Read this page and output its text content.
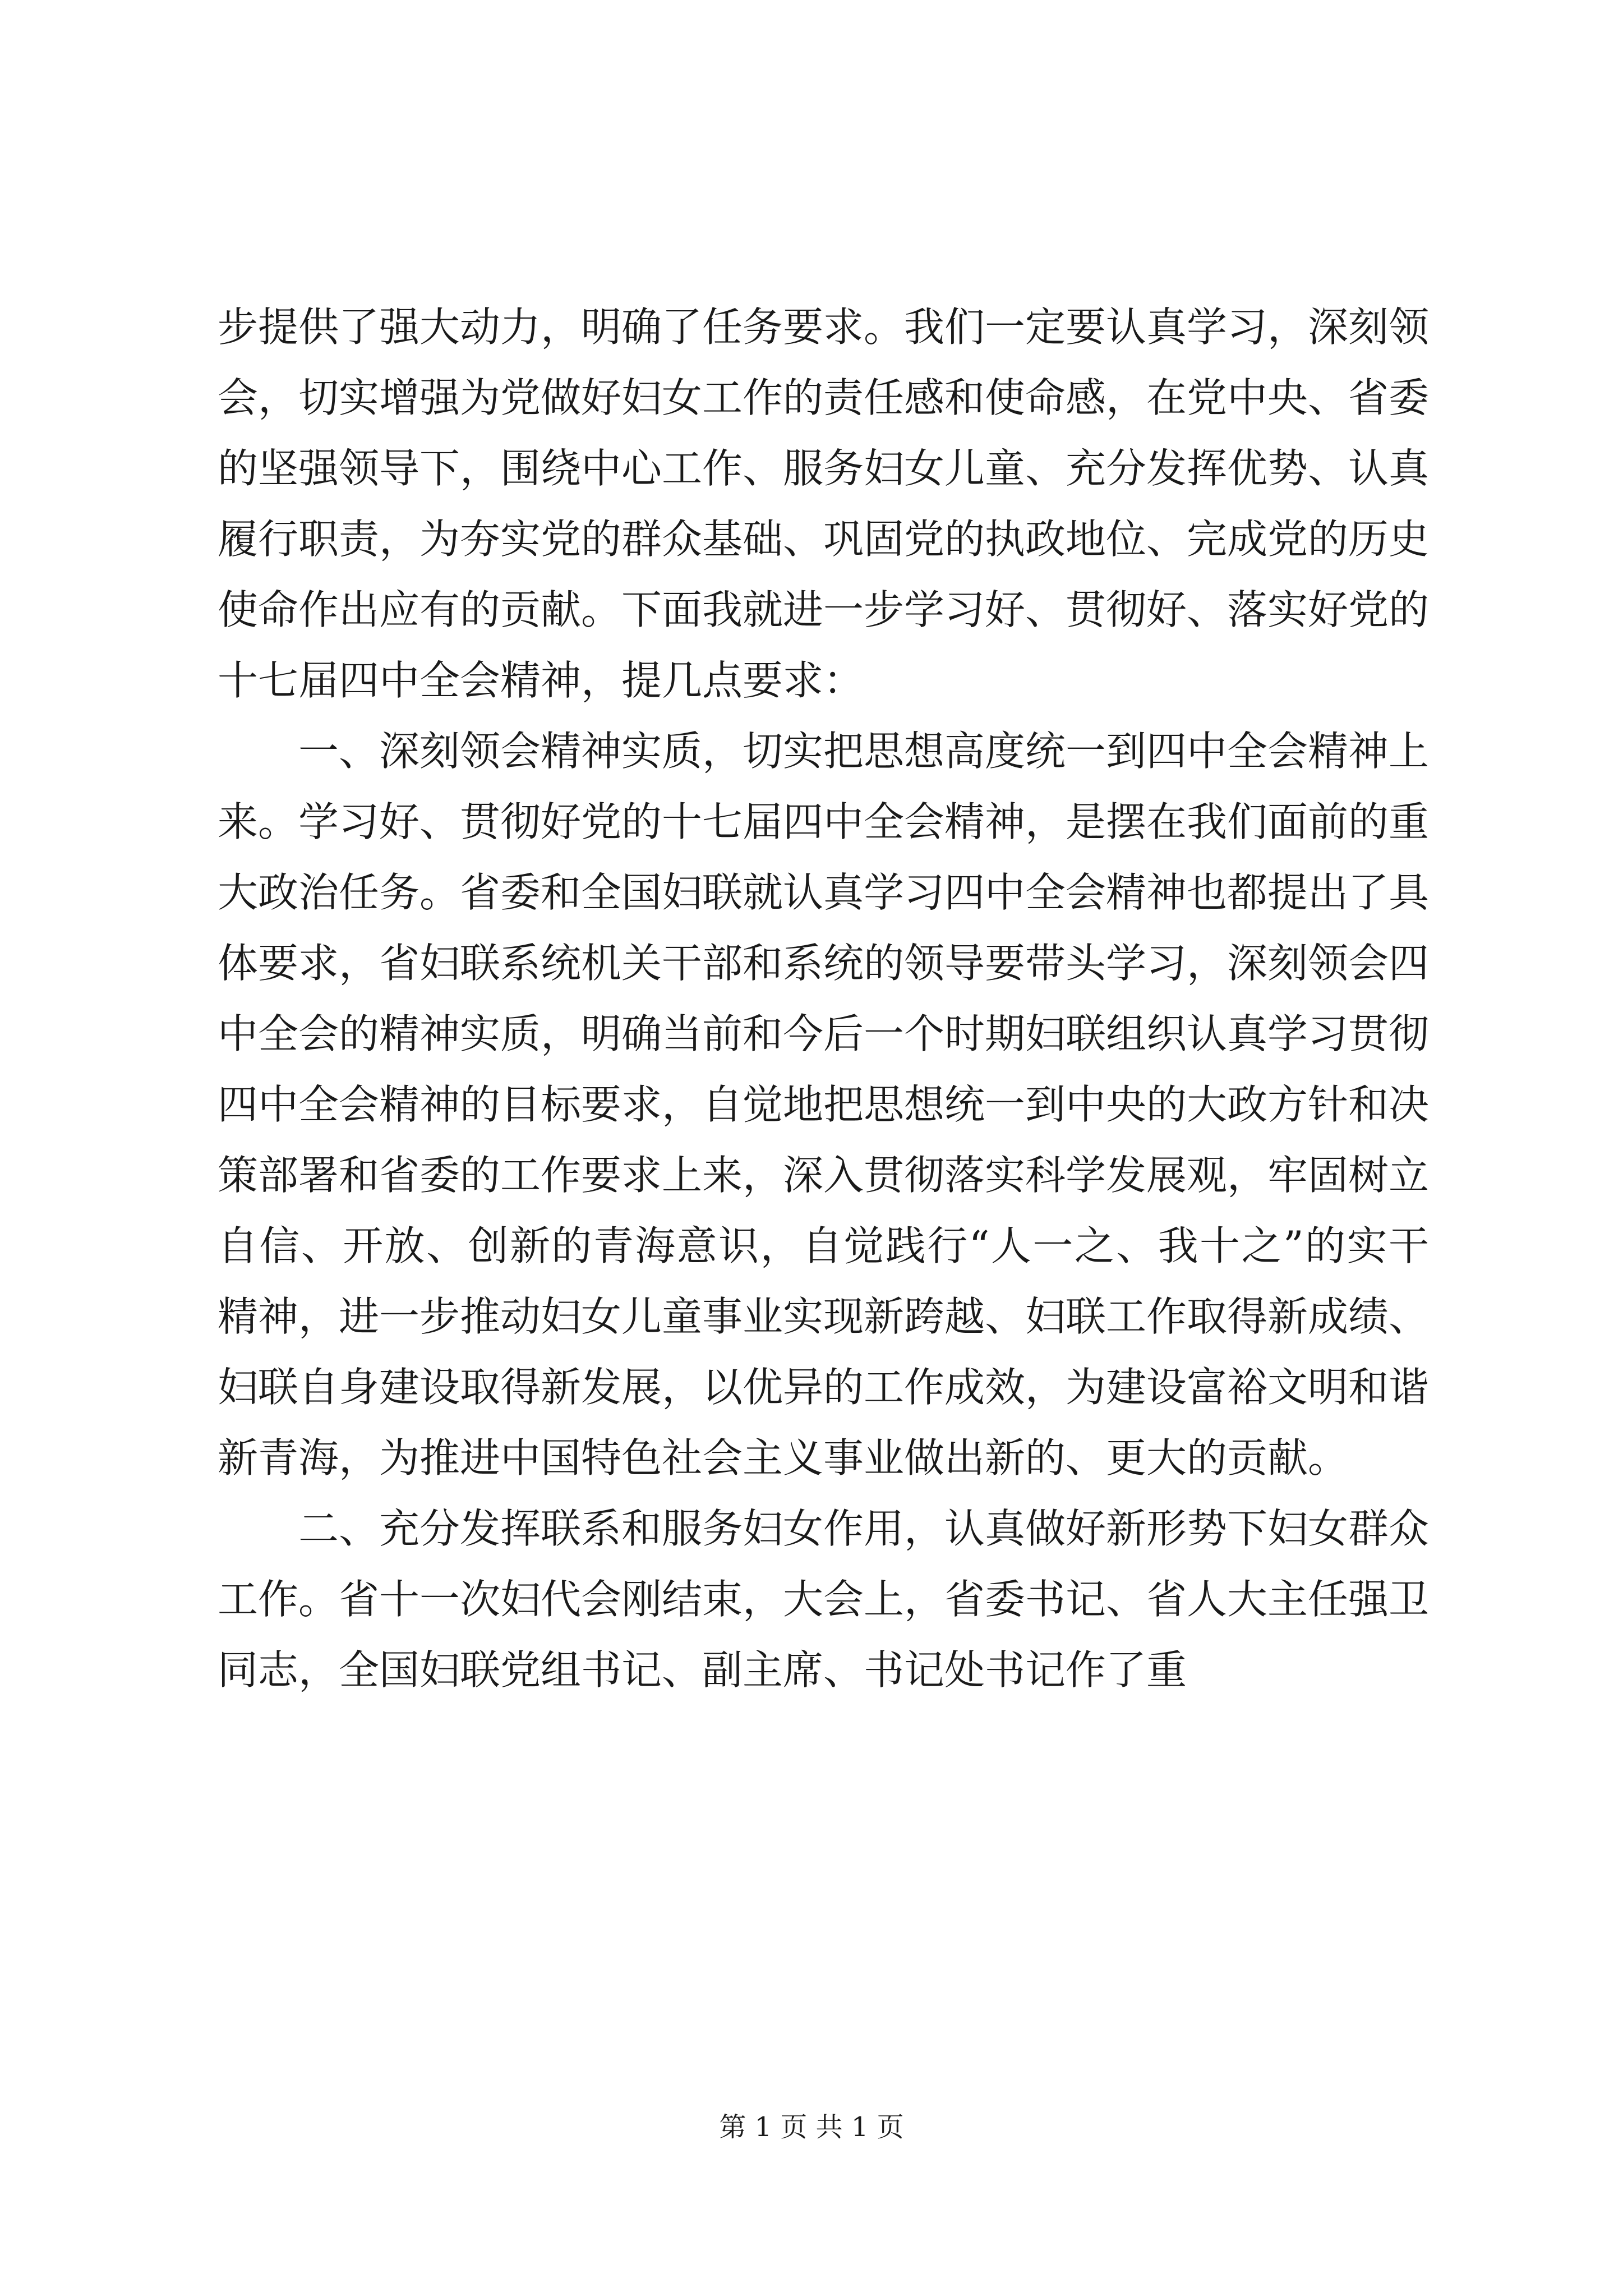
步提供了强大动力，明确了任务要求。我们一定要认真学习，深刻领会，切实增强为党做好妇女工作的责任感和使命感，在党中央、省委的坚强领导下，围绕中心工作、服务妇女儿童、充分发挥优势、认真履行职责，为夯实党的群众基础、巩固党的执政地位、完成党的历史使命作出应有的贡献。下面我就进一步学习好、贯彻好、落实好党的十七届四中全会精神，提几点要求：

一、深刻领会精神实质，切实把思想高度统一到四中全会精神上来。学习好、贯彻好党的十七届四中全会精神，是摆在我们面前的重大政治任务。省委和全国妇联就认真学习四中全会精神也都提出了具体要求，省妇联系统机关干部和系统的领导要带头学习，深刻领会四中全会的精神实质，明确当前和今后一个时期妇联组织认真学习贯彻四中全会精神的目标要求，自觉地把思想统一到中央的大政方针和决策部署和省委的工作要求上来，深入贯彻落实科学发展观，牢固树立自信、开放、创新的青海意识，自觉践行“人一之、我十之”的实干精神，进一步推动妇女儿童事业实现新跨越、妇联工作取得新成绩、妇联自身建设取得新发展，以优异的工作成效，为建设富裕文明和谐新青海，为推进中国特色社会主义事业做出新的、更大的贡献。

二、充分发挥联系和服务妇女作用，认真做好新形势下妇女群众工作。省十一次妇代会刚结束，大会上，省委书记、省人大主任强卫同志，全国妇联党组书记、副主席、书记处书记作了重

第 1 页 共 1 页
